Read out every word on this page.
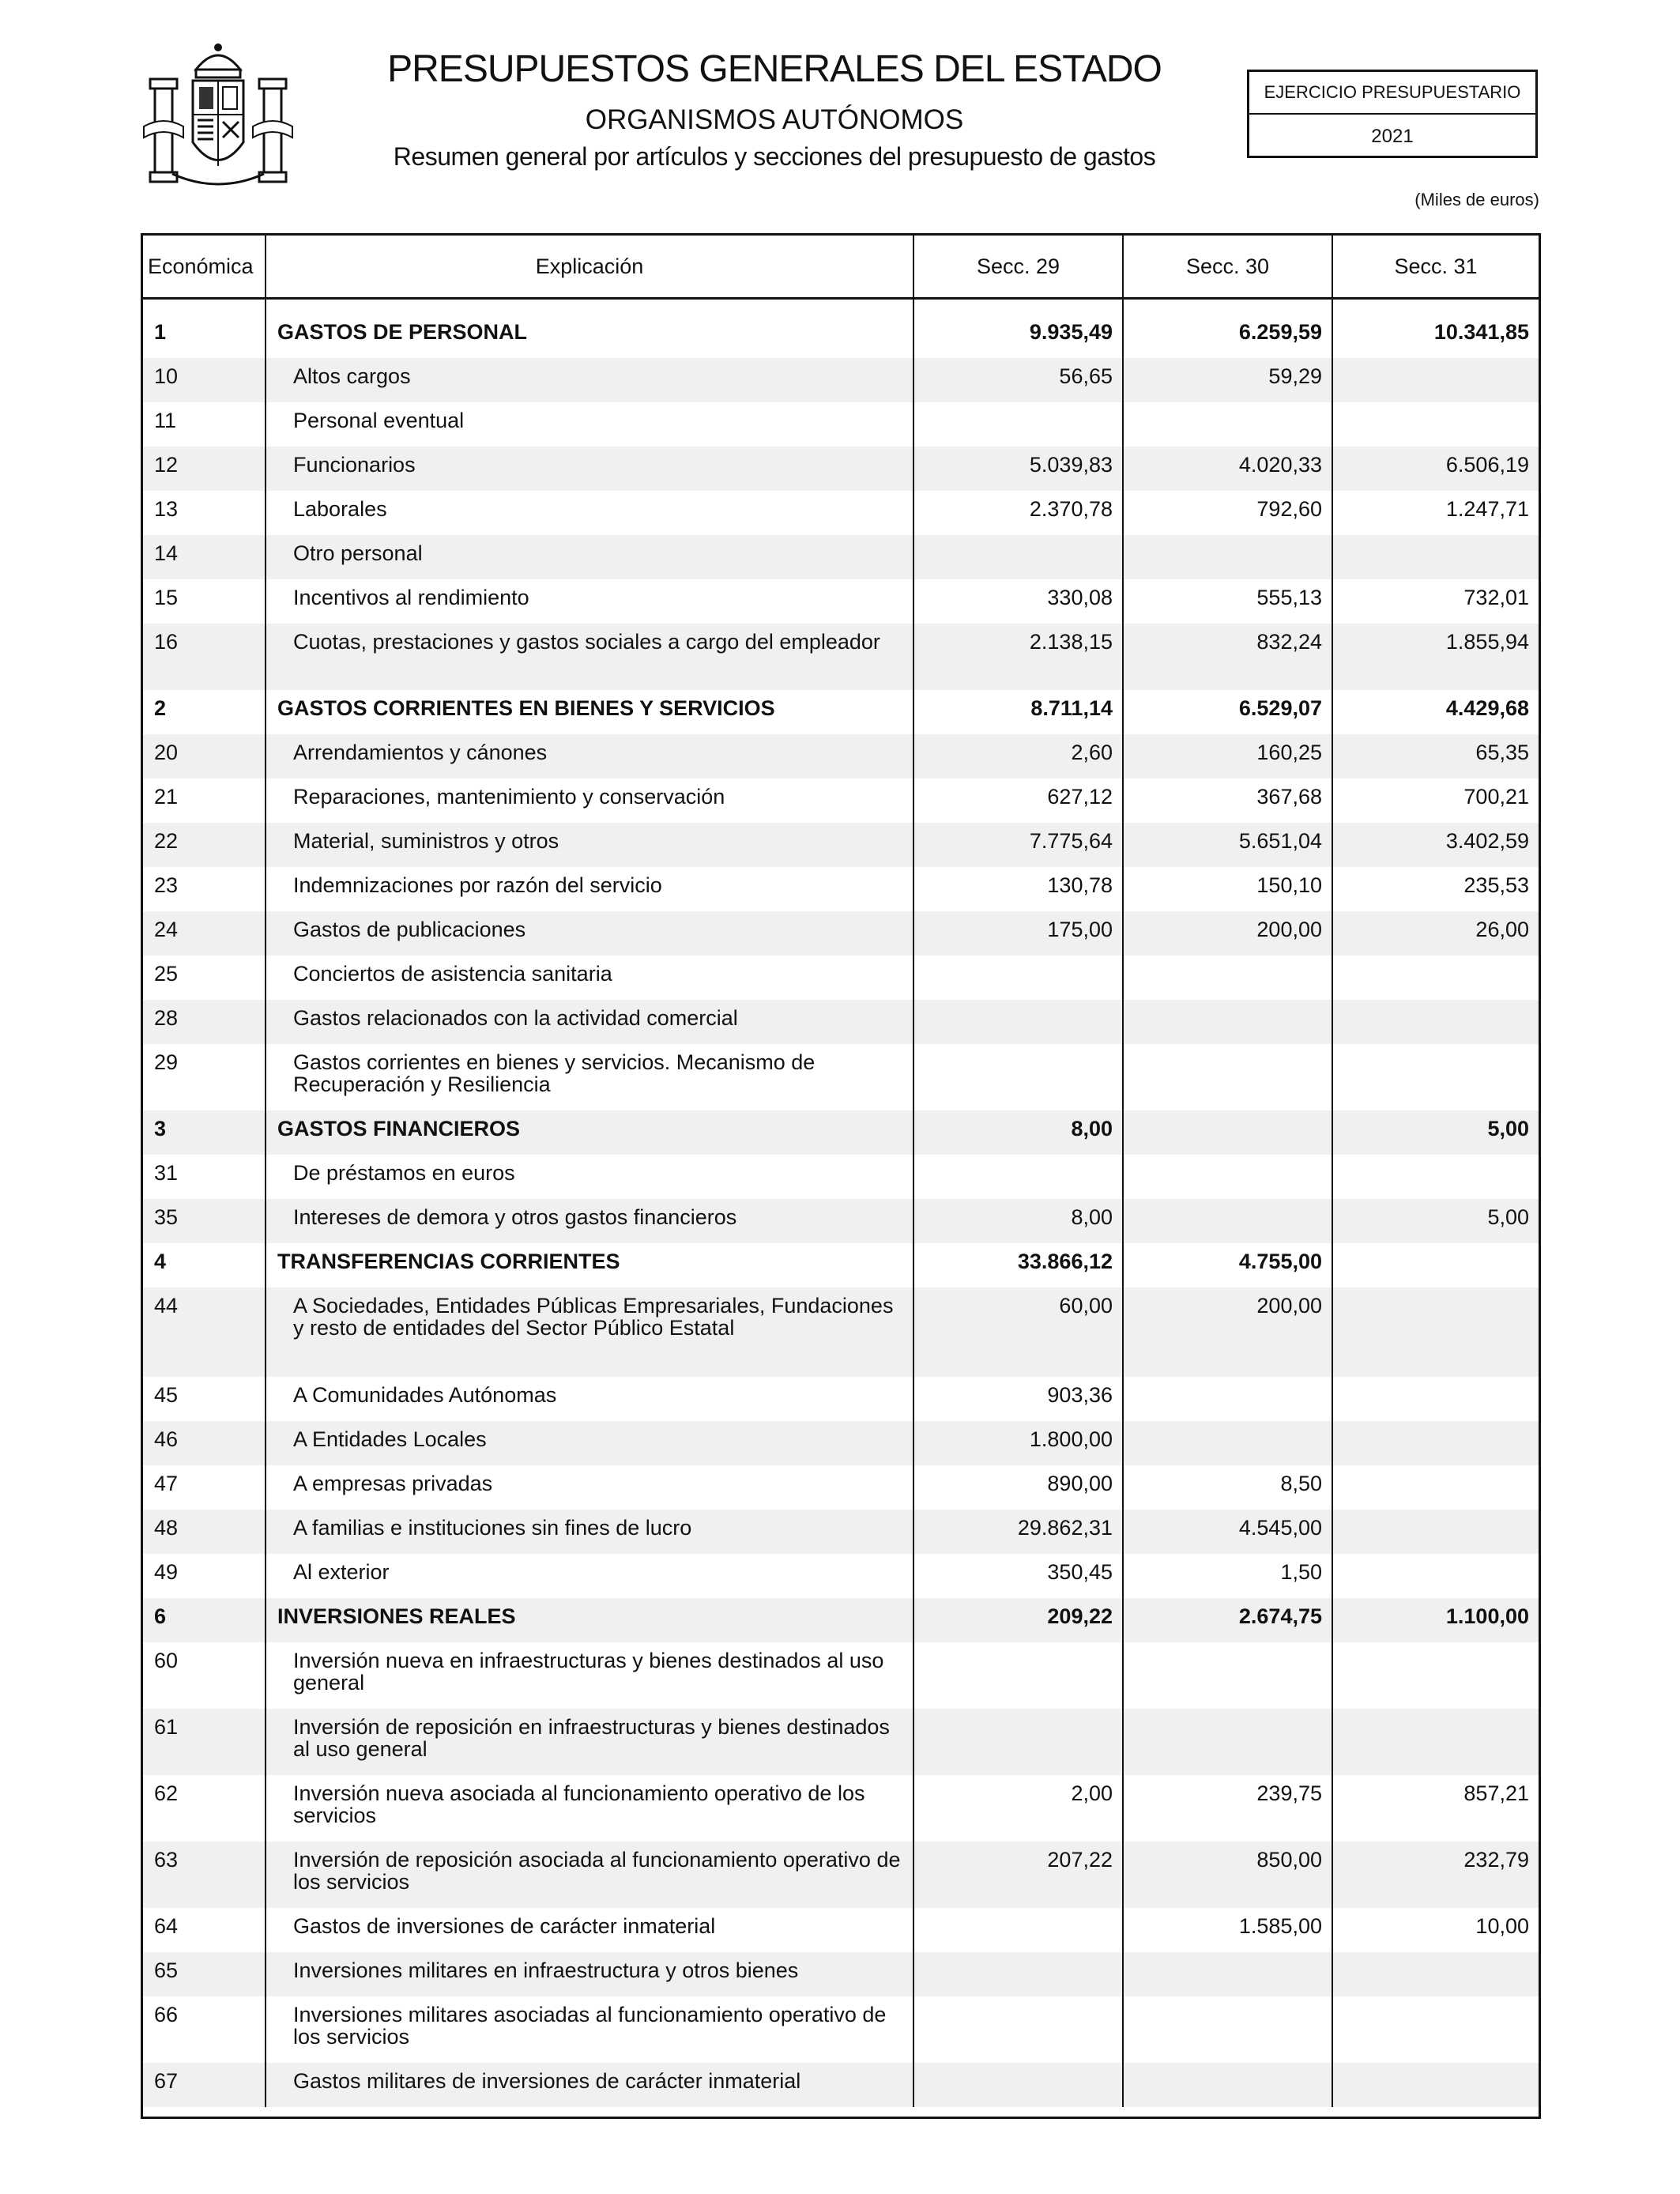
PRESUPUESTOS GENERALES DEL ESTADO
ORGANISMOS AUTÓNOMOS
Resumen general por artículos y secciones del presupuesto de gastos
EJERCICIO PRESUPUESTARIO
2021
(Miles de euros)
Económica	Explicación	Secc. 29	Secc. 30	Secc. 31

1	GASTOS DE PERSONAL	9.935,49	6.259,59	10.341,85
10	Altos cargos	56,65	59,29	
11	Personal eventual			
12	Funcionarios	5.039,83	4.020,33	6.506,19
13	Laborales	2.370,78	792,60	1.247,71
14	Otro personal			
15	Incentivos al rendimiento	330,08	555,13	732,01
16	Cuotas, prestaciones y gastos sociales a cargo del empleador	2.138,15	832,24	1.855,94
2	GASTOS CORRIENTES EN BIENES Y SERVICIOS	8.711,14	6.529,07	4.429,68
20	Arrendamientos y cánones	2,60	160,25	65,35
21	Reparaciones, mantenimiento y conservación	627,12	367,68	700,21
22	Material, suministros y otros	7.775,64	5.651,04	3.402,59
23	Indemnizaciones por razón del servicio	130,78	150,10	235,53
24	Gastos de publicaciones	175,00	200,00	26,00
25	Conciertos de asistencia sanitaria			
28	Gastos relacionados con la actividad comercial			
29	Gastos corrientes en bienes y servicios. Mecanismo de Recuperación y Resiliencia			
3	GASTOS FINANCIEROS	8,00		5,00
31	De préstamos en euros			
35	Intereses de demora y otros gastos financieros	8,00		5,00
4	TRANSFERENCIAS CORRIENTES	33.866,12	4.755,00	
44	A Sociedades, Entidades Públicas Empresariales, Fundaciones y resto de entidades del Sector Público Estatal	60,00	200,00	
45	A Comunidades Autónomas	903,36		
46	A Entidades Locales	1.800,00		
47	A empresas privadas	890,00	8,50	
48	A familias e instituciones sin fines de lucro	29.862,31	4.545,00	
49	Al exterior	350,45	1,50	
6	INVERSIONES REALES	209,22	2.674,75	1.100,00
60	Inversión nueva en infraestructuras y bienes destinados al uso general			
61	Inversión de reposición en infraestructuras y bienes destinados al uso general			
62	Inversión nueva asociada al funcionamiento operativo de los servicios	2,00	239,75	857,21
63	Inversión de reposición asociada al funcionamiento operativo de los servicios	207,22	850,00	232,79
64	Gastos de inversiones de carácter inmaterial		1.585,00	10,00
65	Inversiones militares en infraestructura y otros bienes			
66	Inversiones militares asociadas al funcionamiento operativo de los servicios			
67	Gastos militares de inversiones de carácter inmaterial			
